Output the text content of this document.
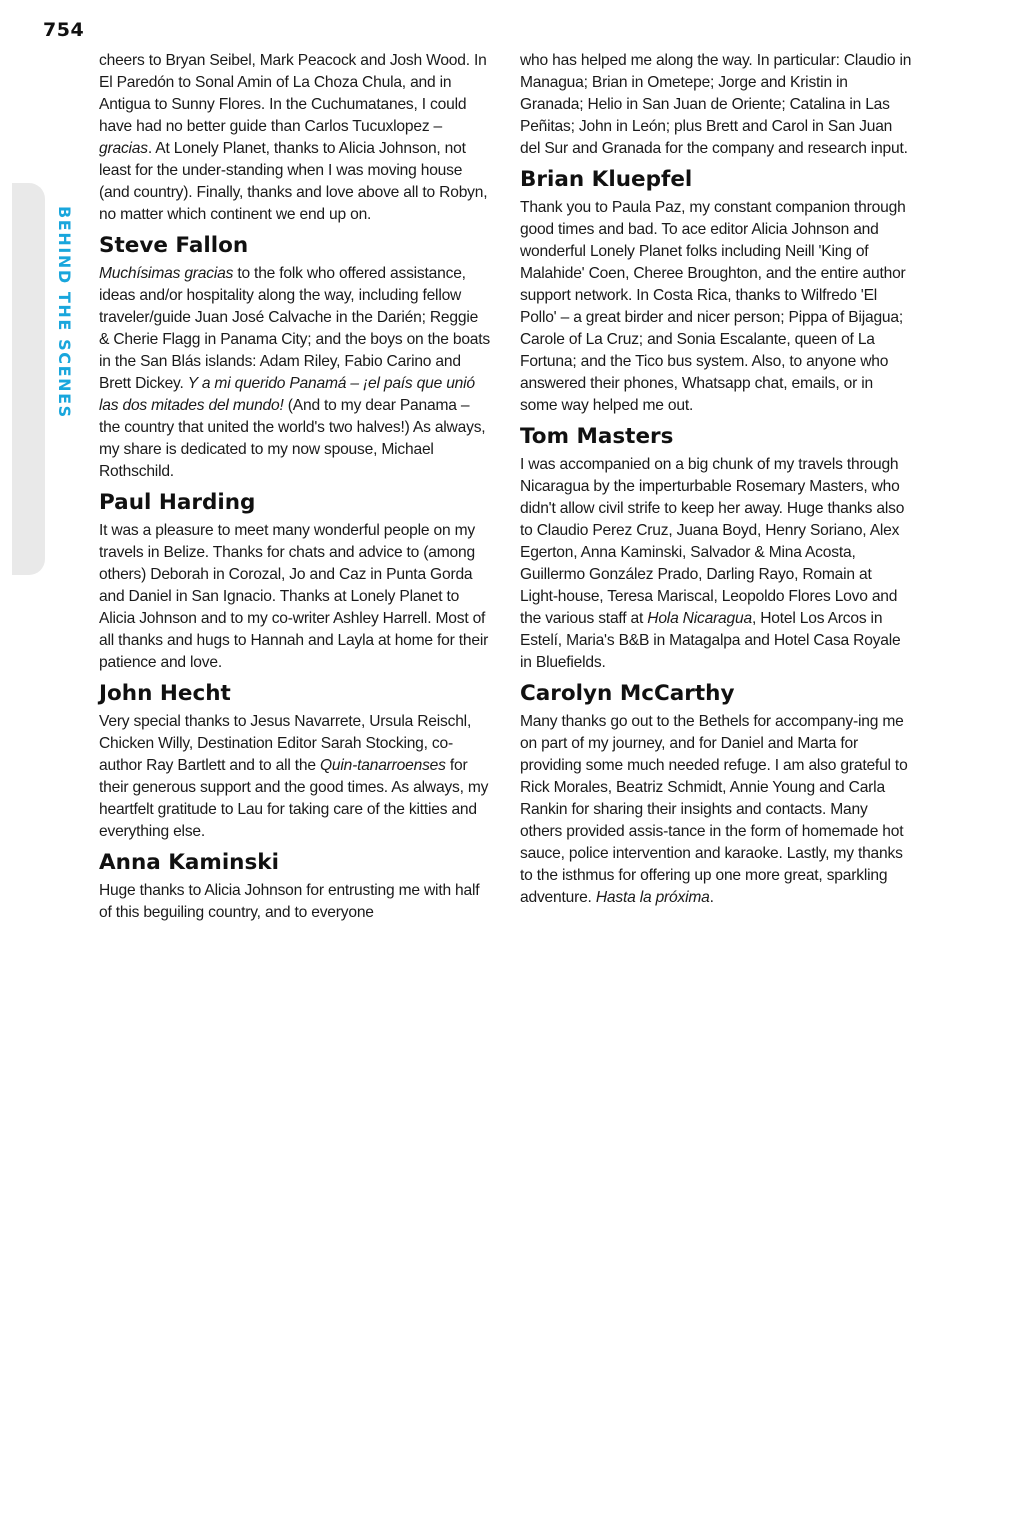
754
BEHIND THE SCENES

cheers to Bryan Seibel, Mark Peacock and Josh Wood. In El Paredón to Sonal Amin of La Choza Chula, and in Antigua to Sunny Flores. In the Cuchumatanes, I could have had no better guide than Carlos Tucuxlopez – gracias. At Lonely Planet, thanks to Alicia Johnson, not least for the under-standing when I was moving house (and country). Finally, thanks and love above all to Robyn, no matter which continent we end up on.

Steve Fallon

Muchísimas gracias to the folk who offered assistance, ideas and/or hospitality along the way, including fellow traveler/guide Juan José Calvache in the Darién; Reggie & Cherie Flagg in Panama City; and the boys on the boats in the San Blás islands: Adam Riley, Fabio Carino and Brett Dickey. Y a mi querido Panamá – ¡el país que unió las dos mitades del mundo! (And to my dear Panama – the country that united the world's two halves!) As always, my share is dedicated to my now spouse, Michael Rothschild.

Paul Harding

It was a pleasure to meet many wonderful people on my travels in Belize. Thanks for chats and advice to (among others) Deborah in Corozal, Jo and Caz in Punta Gorda and Daniel in San Ignacio. Thanks at Lonely Planet to Alicia Johnson and to my co-writer Ashley Harrell. Most of all thanks and hugs to Hannah and Layla at home for their patience and love.

John Hecht

Very special thanks to Jesus Navarrete, Ursula Reischl, Chicken Willy, Destination Editor Sarah Stocking, co-author Ray Bartlett and to all the Quin-tanarroenses for their generous support and the good times. As always, my heartfelt gratitude to Lau for taking care of the kitties and everything else.

Anna Kaminski

Huge thanks to Alicia Johnson for entrusting me with half of this beguiling country, and to everyone

who has helped me along the way. In particular: Claudio in Managua; Brian in Ometepe; Jorge and Kristin in Granada; Helio in San Juan de Oriente; Catalina in Las Peñitas; John in León; plus Brett and Carol in San Juan del Sur and Granada for the company and research input.

Brian Kluepfel

Thank you to Paula Paz, my constant companion through good times and bad. To ace editor Alicia Johnson and wonderful Lonely Planet folks including Neill 'King of Malahide' Coen, Cheree Broughton, and the entire author support network. In Costa Rica, thanks to Wilfredo 'El Pollo' – a great birder and nicer person; Pippa of Bijagua; Carole of La Cruz; and Sonia Escalante, queen of La Fortuna; and the Tico bus system. Also, to anyone who answered their phones, Whatsapp chat, emails, or in some way helped me out.

Tom Masters

I was accompanied on a big chunk of my travels through Nicaragua by the imperturbable Rosemary Masters, who didn't allow civil strife to keep her away. Huge thanks also to Claudio Perez Cruz, Juana Boyd, Henry Soriano, Alex Egerton, Anna Kaminski, Salvador & Mina Acosta, Guillermo González Prado, Darling Rayo, Romain at Light-house, Teresa Mariscal, Leopoldo Flores Lovo and the various staff at Hola Nicaragua, Hotel Los Arcos in Estelí, Maria's B&B in Matagalpa and Hotel Casa Royale in Bluefields.

Carolyn McCarthy

Many thanks go out to the Bethels for accompany-ing me on part of my journey, and for Daniel and Marta for providing some much needed refuge. I am also grateful to Rick Morales, Beatriz Schmidt, Annie Young and Carla Rankin for sharing their insights and contacts. Many others provided assis-tance in the form of homemade hot sauce, police intervention and karaoke. Lastly, my thanks to the isthmus for offering up one more great, sparkling adventure. Hasta la próxima.
